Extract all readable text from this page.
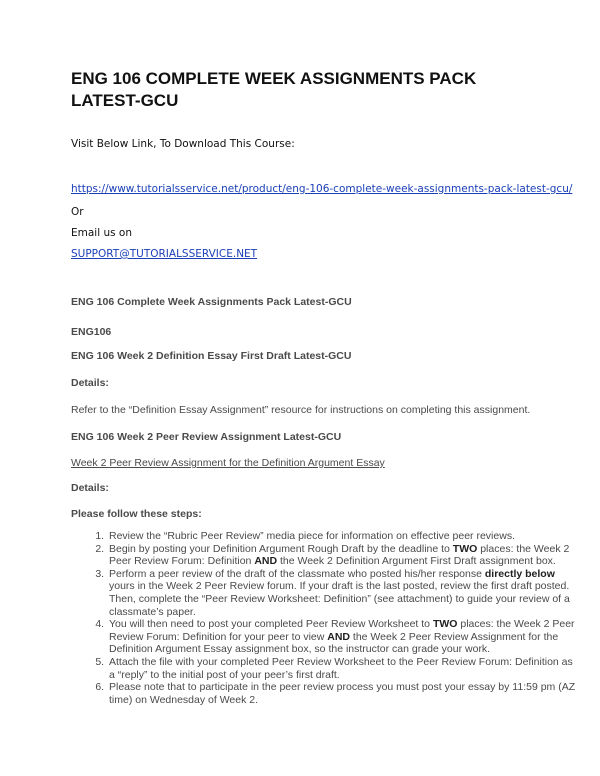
ENG 106 COMPLETE WEEK ASSIGNMENTS PACK LATEST-GCU
Visit Below Link, To Download This Course:
https://www.tutorialsservice.net/product/eng-106-complete-week-assignments-pack-latest-gcu/
Or
Email us on
SUPPORT@TUTORIALSSERVICE.NET
ENG 106 Complete Week Assignments Pack Latest-GCU
ENG106
ENG 106 Week 2 Definition Essay First Draft Latest-GCU
Details:
Refer to the “Definition Essay Assignment” resource for instructions on completing this assignment.
ENG 106 Week 2 Peer Review Assignment Latest-GCU
Week 2 Peer Review Assignment for the Definition Argument Essay
Details:
Please follow these steps:
1. Review the “Rubric Peer Review” media piece for information on effective peer reviews.
2. Begin by posting your Definition Argument Rough Draft by the deadline to TWO places: the Week 2 Peer Review Forum: Definition AND the Week 2 Definition Argument First Draft assignment box.
3. Perform a peer review of the draft of the classmate who posted his/her response directly below yours in the Week 2 Peer Review forum. If your draft is the last posted, review the first draft posted. Then, complete the “Peer Review Worksheet: Definition” (see attachment) to guide your review of a classmate’s paper.
4. You will then need to post your completed Peer Review Worksheet to TWO places: the Week 2 Peer Review Forum: Definition for your peer to view AND the Week 2 Peer Review Assignment for the Definition Argument Essay assignment box, so the instructor can grade your work.
5. Attach the file with your completed Peer Review Worksheet to the Peer Review Forum: Definition as a “reply” to the initial post of your peer’s first draft.
6. Please note that to participate in the peer review process you must post your essay by 11:59 pm (AZ time) on Wednesday of Week 2.
